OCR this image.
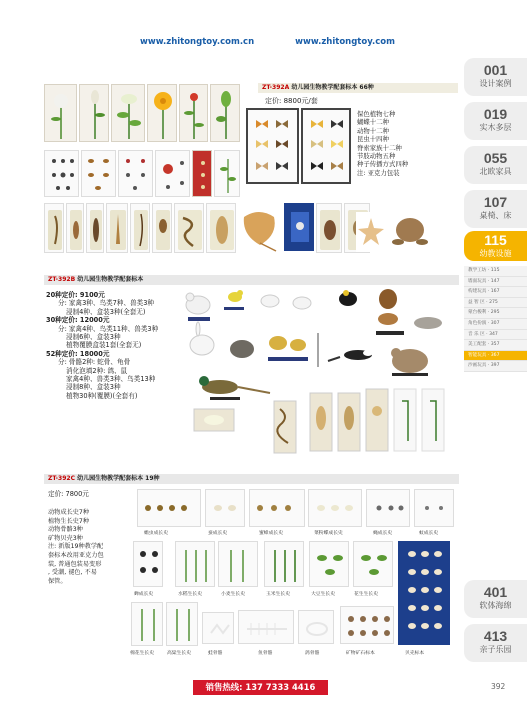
www.zhitongtoy.com.cn	www.zhitongtoy.com
ZT-392A 幼儿园生物教学配套标本 66种
定价: 8800元/套
保色植物七种
蝴蝶十二种
动物十二种
昆虫十四种
脊索家族十二种
节肢动物五种
种子传播方式四种
注: 亚克力包装
ZT-392B 幼儿园生物教学配套标本
20种定价: 9100元
分: 家禽3种、鸟类7种、兽类3种
浸制4种、盒装3种(全套无)
30种定价: 12000元
分: 家禽4种、鸟类11种、兽类3种
浸制6种、盒装3种
植物覆膜盒装1套(全套无)
52种定价: 18000元
分: 骨骼2种: 蛇骨、龟骨
消化泡填2种: 鸽、鼠
家禽4种、兽类3种、鸟类13种
浸制8种、盒装3种
植物30种(覆膜)(全套有)
ZT-392C 幼儿园生物教学配套标本 19种
定价: 7800元
动物成长史7种
植物生长史7种
动物骨骼3种
矿物贝壳3种
注: 新版19种教学配
套标本改用亚克力包
装, 普通包装易变形
, 受潮, 褪色, 不易
保管。
蟾虫成长史	蚕成长史	蜜蜂成长史	菜粉蝶成长史	蝇成长史	蚊成长史
蝉成长史	水稻生长史	小麦生长史	玉米生长史	大豆生长史	花生生长史
棉花生长史	高粱生长史	蛙骨骼	鱼骨骼	鸽骨骼	矿物矿石标本	贝壳标本
001
设计案例
019
实木多层
055
北欧家具
107
桌椅、床
115
幼教设施
教学工坊 · 115
墙面玩具 · 147
构建玩具 · 167
益 智 区 · 275
蒙台梭利 · 295
角色扮演 · 307
音 乐 区 · 347
美工配套 · 357
智能玩具 · 367
沙画玩具 · 397
401
软体海绵
413
亲子乐园
销售热线: 137 7333 4416	392
